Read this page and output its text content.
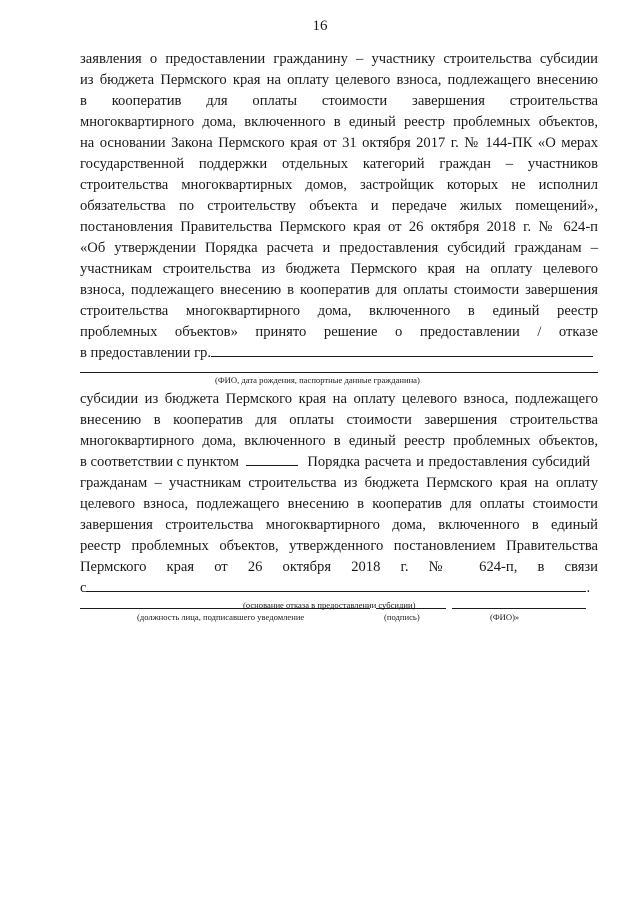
16
заявления о предоставлении гражданину – участнику строительства субсидии
из бюджета Пермского края на оплату целевого взноса, подлежащего внесению
в кооператив для оплаты стоимости завершения строительства
многоквартирного дома, включенного в единый реестр проблемных объектов,
на основании Закона Пермского края от 31 октября 2017 г. № 144-ПК «О мерах
государственной поддержки отдельных категорий граждан – участников
строительства многоквартирных домов, застройщик которых не исполнил
обязательства по строительству объекта и передаче жилых помещений»,
постановления Правительства Пермского края от 26 октября 2018 г. № 624-п
«Об утверждении Порядка расчета и предоставления субсидий гражданам –
участникам строительства из бюджета Пермского края на оплату целевого
взноса, подлежащего внесению в кооператив для оплаты стоимости завершения
строительства многоквартирного дома, включенного в единый реестр
проблемных объектов» принято решение о предоставлении / отказе
в предоставлении гр.
(ФИО, дата рождения, паспортные данные гражданина)
субсидии из бюджета Пермского края на оплату целевого взноса, подлежащего
внесению в кооператив для оплаты стоимости завершения строительства
многоквартирного дома, включенного в единый реестр проблемных объектов,
в соответствии с пунктом	Порядка расчета и предоставления субсидий
гражданам – участникам строительства из бюджета Пермского края на оплату
целевого взноса, подлежащего внесению в кооператив для оплаты стоимости
завершения строительства многоквартирного дома, включенного в единый
реестр проблемных объектов, утвержденного постановлением Правительства
Пермского края от 26 октября 2018 г. № 624-п, в связи
с	.
(основание отказа в предоставлении субсидии)
(должность лица, подписавшего уведомление	(подпись)	(ФИО)»
